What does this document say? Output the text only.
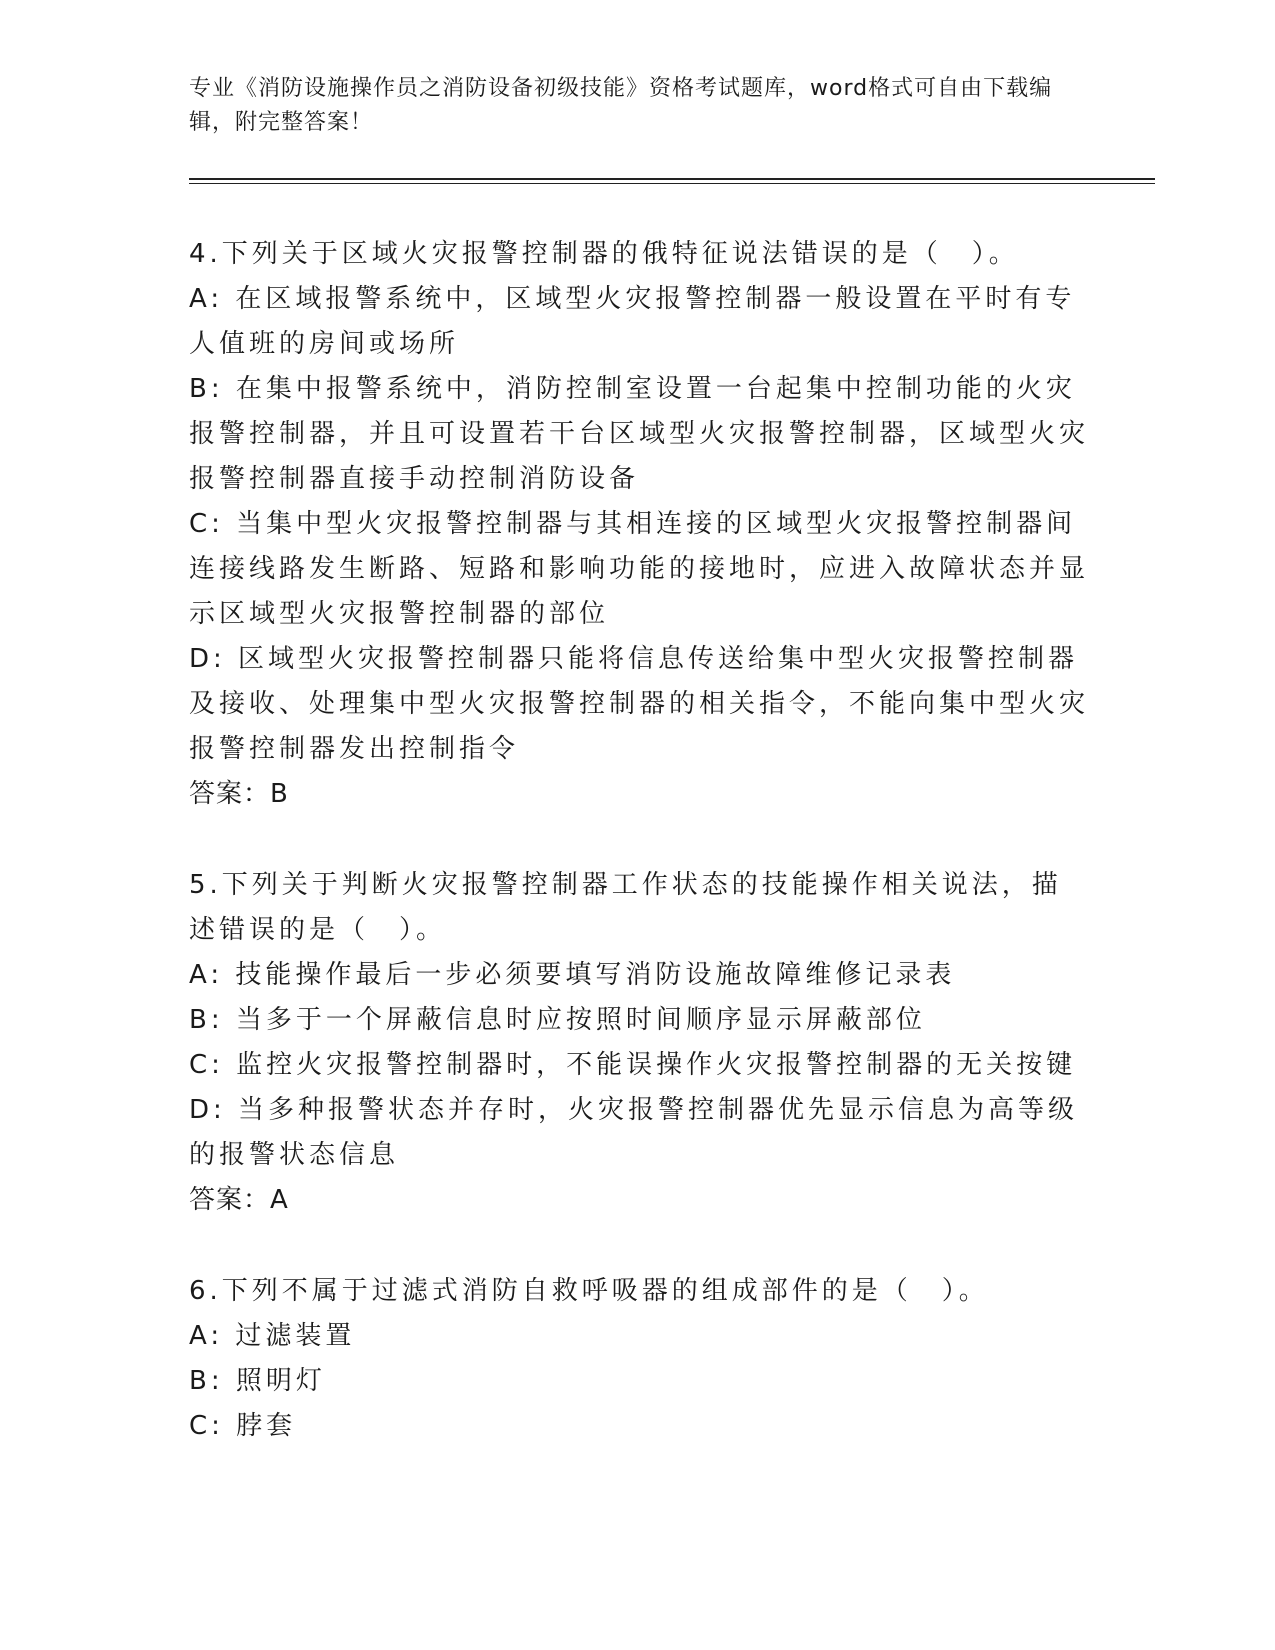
专业《消防设施操作员之消防设备初级技能》资格考试题库，word格式可自由下载编辑，附完整答案！

4.下列关于区域火灾报警控制器的俄特征说法错误的是（　）。

A: 在区域报警系统中，区域型火灾报警控制器一般设置在平时有专人值班的房间或场所

B: 在集中报警系统中，消防控制室设置一台起集中控制功能的火灾报警控制器，并且可设置若干台区域型火灾报警控制器，区域型火灾报警控制器直接手动控制消防设备

C: 当集中型火灾报警控制器与其相连接的区域型火灾报警控制器间连接线路发生断路、短路和影响功能的接地时，应进入故障状态并显示区域型火灾报警控制器的部位

D: 区域型火灾报警控制器只能将信息传送给集中型火灾报警控制器及接收、处理集中型火灾报警控制器的相关指令，不能向集中型火灾报警控制器发出控制指令

答案：B

5.下列关于判断火灾报警控制器工作状态的技能操作相关说法，描述错误的是（　）。

A: 技能操作最后一步必须要填写消防设施故障维修记录表

B: 当多于一个屏蔽信息时应按照时间顺序显示屏蔽部位

C: 监控火灾报警控制器时，不能误操作火灾报警控制器的无关按键

D: 当多种报警状态并存时，火灾报警控制器优先显示信息为高等级的报警状态信息

答案：A

6.下列不属于过滤式消防自救呼吸器的组成部件的是（　）。

A: 过滤装置

B: 照明灯

C: 脖套
